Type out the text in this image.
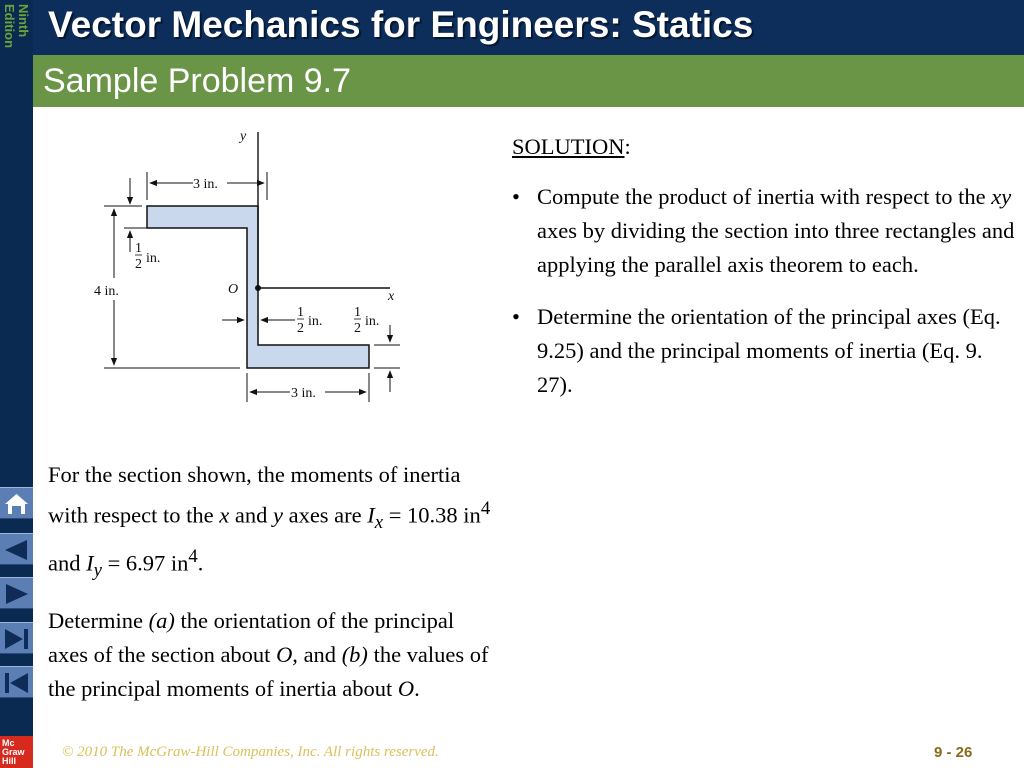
Ninth
Edition
Mc
Graw
Hill
Vector Mechanics for Engineers: Statics
Sample Problem 9.7
y
x
O
3 in.
3 in.
4 in.
1
2 in.
1
2 in.
1
2 in.

For the section shown, the moments of inertia with respect to the x and y axes are $I_x = 10.38$ $in^4$ and $I_y = 6.97$ $in^4$.

Determine (a) the orientation of the principal axes of the section about O, and (b) the values of the principal moments of inertia about O.

SOLUTION:
• Compute the product of inertia with respect to the xy axes by dividing the section into three rectangles and applying the parallel axis theorem to each.
• Determine the orientation of the principal axes (Eq. 9.25) and the principal moments of inertia (Eq. 9. 27).
© 2010 The McGraw-Hill Companies, Inc. All rights reserved.	9 - 26
